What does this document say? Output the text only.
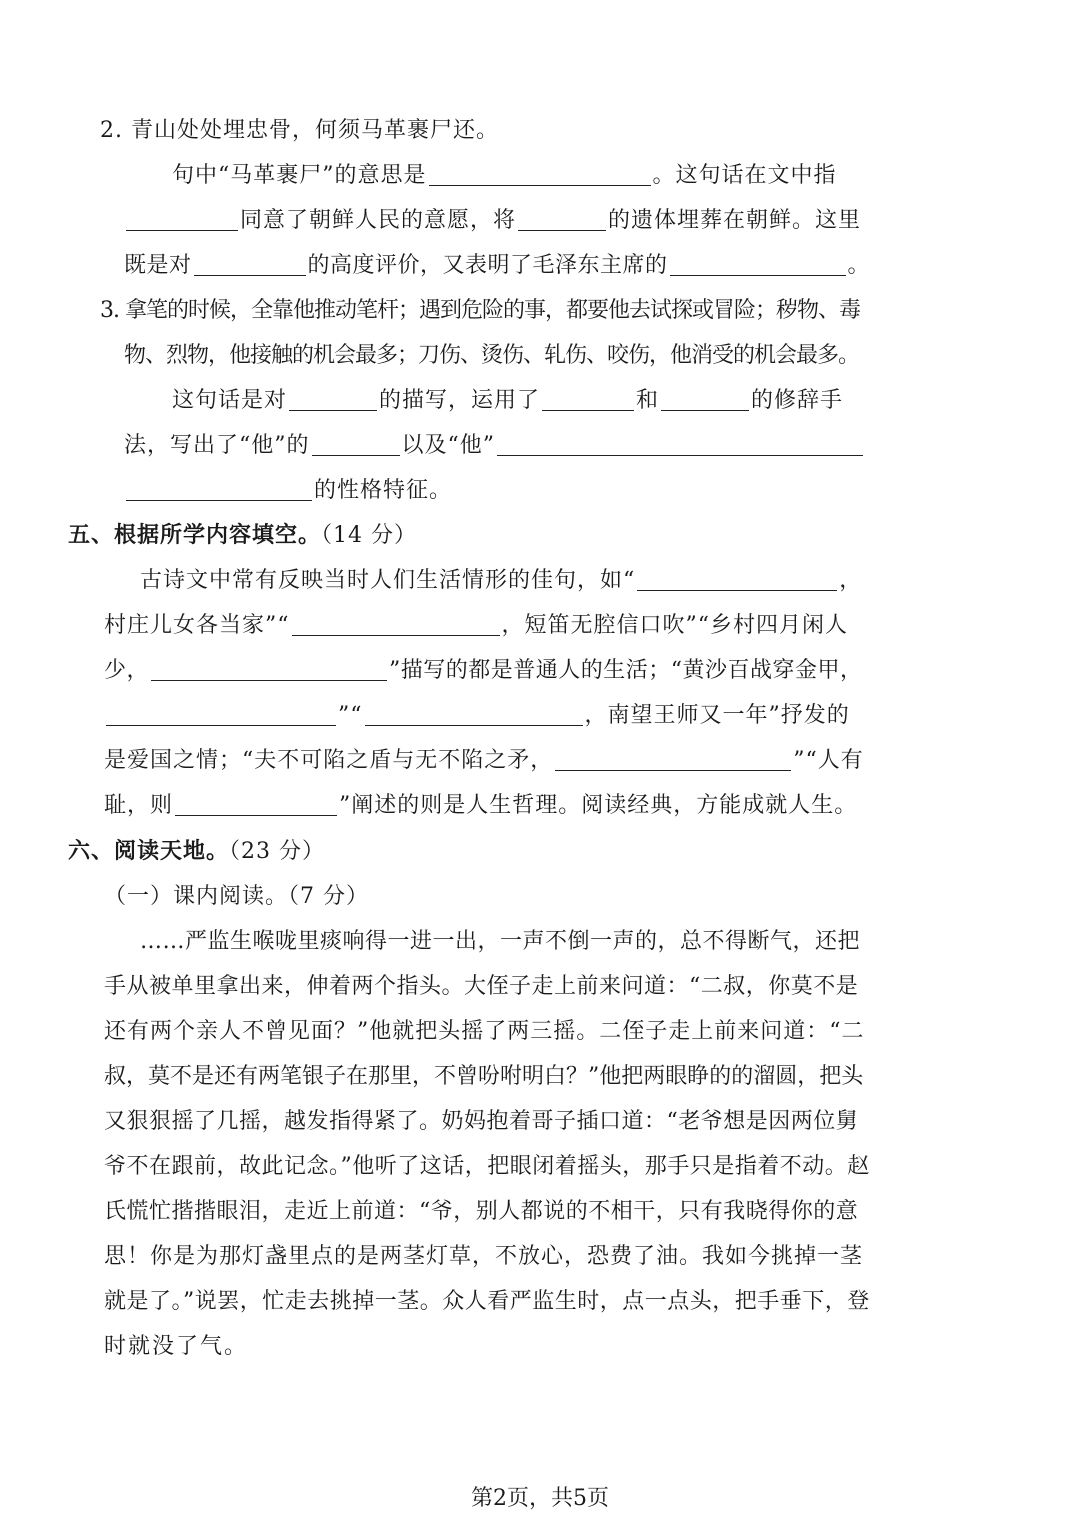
2. 青山处处埋忠骨，何须马革裹尸还。
句中“马革裹尸”的意思是	。这句话在文中指
同意了朝鲜人民的意愿，将	的遗体埋葬在朝鲜。这里
既是对	的高度评价，又表明了毛泽东主席的	。
3. 拿笔的时候，全靠他推动笔杆；遇到危险的事，都要他去试探或冒险；秽物、毒
物、烈物，他接触的机会最多；刀伤、烫伤、轧伤、咬伤，他消受的机会最多。
这句话是对	的描写，运用了	和	的修辞手
法，写出了“他”的	以及“他”
的性格特征。
五、根据所学内容填空。（14 分）
古诗文中常有反映当时人们生活情形的佳句，如“	，
村庄儿女各当家”“	，短笛无腔信口吹”“乡村四月闲人
少，	”描写的都是普通人的生活；“黄沙百战穿金甲，
”“	，南望王师又一年”抒发的
是爱国之情；“夫不可陷之盾与无不陷之矛，	”“人有
耻，则	”阐述的则是人生哲理。阅读经典，方能成就人生。
六、阅读天地。（23 分）
（一）课内阅读。（7 分）
……严监生喉咙里痰响得一进一出，一声不倒一声的，总不得断气，还把
手从被单里拿出来，伸着两个指头。大侄子走上前来问道：“二叔，你莫不是
还有两个亲人不曾见面？”他就把头摇了两三摇。二侄子走上前来问道：“二
叔，莫不是还有两笔银子在那里，不曾吩咐明白？”他把两眼睁的的溜圆，把头
又狠狠摇了几摇，越发指得紧了。奶妈抱着哥子插口道：“老爷想是因两位舅
爷不在跟前，故此记念。”他听了这话，把眼闭着摇头，那手只是指着不动。赵
氏慌忙揩揩眼泪，走近上前道：“爷，别人都说的不相干，只有我晓得你的意
思！你是为那灯盏里点的是两茎灯草，不放心，恐费了油。我如今挑掉一茎
就是了。”说罢，忙走去挑掉一茎。众人看严监生时，点一点头，把手垂下，登
时就没了气。
第2页，共5页
